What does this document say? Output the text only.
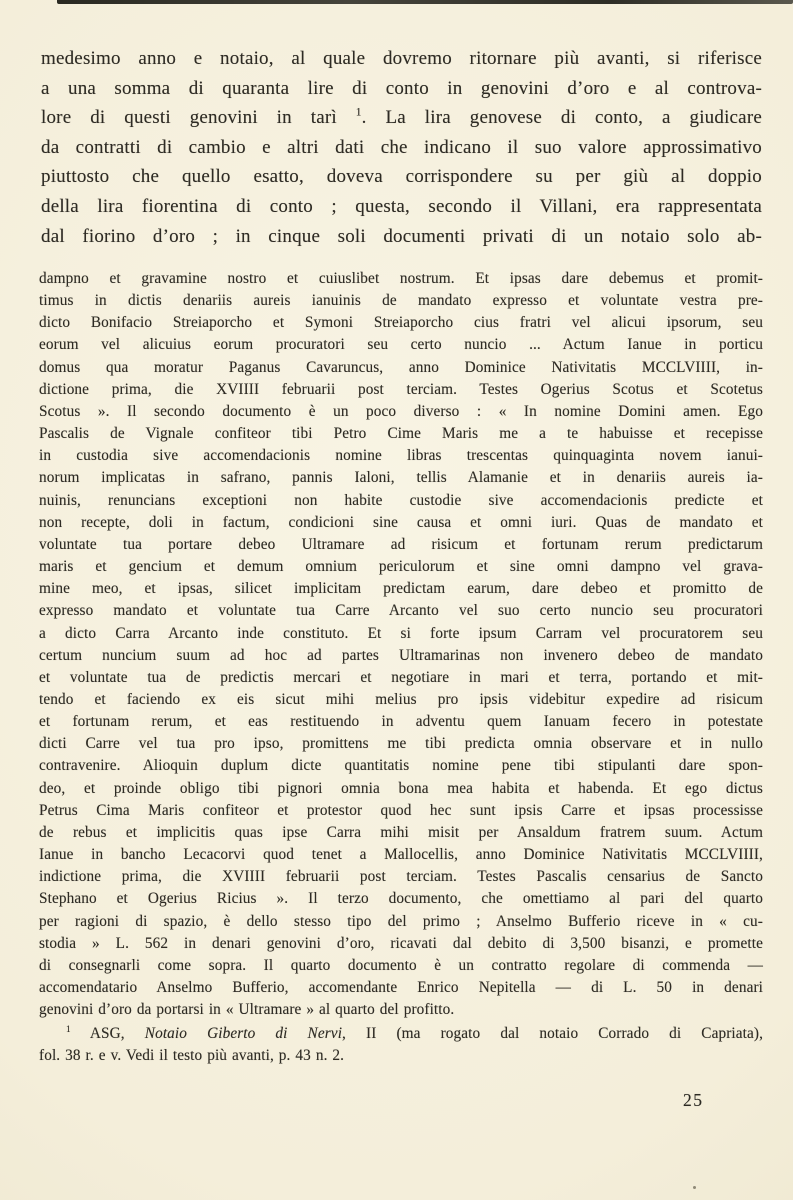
medesimo anno e notaio, al quale dovremo ritornare più avanti, si riferisce
a una somma di quaranta lire di conto in genovini d’oro e al controva-
lore di questi genovini in tarì $^1$. La lira genovese di conto, a giudicare
da contratti di cambio e altri dati che indicano il suo valore approssimativo
piuttosto che quello esatto, doveva corrispondere su per giù al doppio
della lira fiorentina di conto ; questa, secondo il Villani, era rappresentata
dal fiorino d’oro ; in cinque soli documenti privati di un notaio solo ab-
dampno et gravamine nostro et cuiuslibet nostrum. Et ipsas dare debemus et promit-
timus in dictis denariis aureis ianuinis de mandato expresso et voluntate vestra pre-
dicto Bonifacio Streiaporcho et Symoni Streiaporcho cius fratri vel alicui ipsorum, seu
eorum vel alicuius eorum procuratori seu certo nuncio ... Actum Ianue in porticu
domus qua moratur Paganus Cavaruncus, anno Dominice Nativitatis MCCLVIIII, in-
dictione prima, die XVIIII februarii post terciam. Testes Ogerius Scotus et Scotetus
Scotus ». Il secondo documento è un poco diverso : « In nomine Domini amen. Ego
Pascalis de Vignale confiteor tibi Petro Cime Maris me a te habuisse et recepisse
in custodia sive accomendacionis nomine libras trescentas quinquaginta novem ianui-
norum implicatas in safrano, pannis Ialoni, tellis Alamanie et in denariis aureis ia-
nuinis, renuncians exceptioni non habite custodie sive accomendacionis predicte et
non recepte, doli in factum, condicioni sine causa et omni iuri. Quas de mandato et
voluntate tua portare debeo Ultramare ad risicum et fortunam rerum predictarum
maris et gencium et demum omnium periculorum et sine omni dampno vel grava-
mine meo, et ipsas, silicet implicitam predictam earum, dare debeo et promitto de
expresso mandato et voluntate tua Carre Arcanto vel suo certo nuncio seu procuratori
a dicto Carra Arcanto inde constituto. Et si forte ipsum Carram vel procuratorem seu
certum nuncium suum ad hoc ad partes Ultramarinas non invenero debeo de mandato
et voluntate tua de predictis mercari et negotiare in mari et terra, portando et mit-
tendo et faciendo ex eis sicut mihi melius pro ipsis videbitur expedire ad risicum
et fortunam rerum, et eas restituendo in adventu quem Ianuam fecero in potestate
dicti Carre vel tua pro ipso, promittens me tibi predicta omnia observare et in nullo
contravenire. Alioquin duplum dicte quantitatis nomine pene tibi stipulanti dare spon-
deo, et proinde obligo tibi pignori omnia bona mea habita et habenda. Et ego dictus
Petrus Cima Maris confiteor et protestor quod hec sunt ipsis Carre et ipsas processisse
de rebus et implicitis quas ipse Carra mihi misit per Ansaldum fratrem suum. Actum
Ianue in bancho Lecacorvi quod tenet a Mallocellis, anno Dominice Nativitatis MCCLVIIII,
indictione prima, die XVIIII februarii post terciam. Testes Pascalis censarius de Sancto
Stephano et Ogerius Ricius ». Il terzo documento, che omettiamo al pari del quarto
per ragioni di spazio, è dello stesso tipo del primo ; Anselmo Bufferio riceve in « cu-
stodia » L. 562 in denari genovini d’oro, ricavati dal debito di 3,500 bisanzi, e promette
di consegnarli come sopra. Il quarto documento è un contratto regolare di commenda —
accomendatario Anselmo Bufferio, accomendante Enrico Nepitella — di L. 50 in denari
genovini d’oro da portarsi in « Ultramare » al quarto del profitto.
$^1$ ASG, Notaio Giberto di Nervi, II (ma rogato dal notaio Corrado di Capriata),
fol. 38 r. e v. Vedi il testo più avanti, p. 43 n. 2.
25
